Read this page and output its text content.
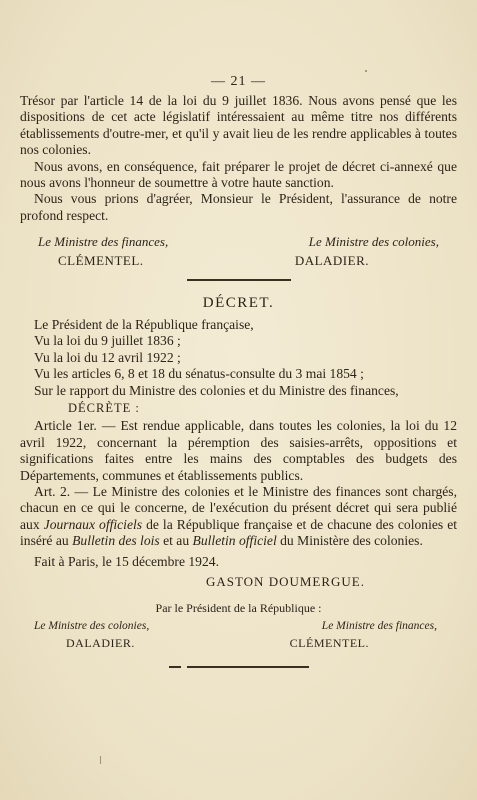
— 21 —

Trésor par l'article 14 de la loi du 9 juillet 1836. Nous avons pensé que les dispositions de cet acte législatif intéressaient au même titre nos différents établissements d'outre-mer, et qu'il y avait lieu de les rendre applicables à toutes nos colonies.

Nous avons, en conséquence, fait préparer le projet de décret ci-annexé que nous avons l'honneur de soumettre à votre haute sanction.

Nous vous prions d'agréer, Monsieur le Président, l'assurance de notre profond respect.

Le Ministre des finances,	Le Ministre des colonies,
CLÉMENTEL.	DALADIER.
DÉCRET.

Le Président de la République française,

Vu la loi du 9 juillet 1836 ;

Vu la loi du 12 avril 1922 ;

Vu les articles 6, 8 et 18 du sénatus-consulte du 3 mai 1854 ;

Sur le rapport du Ministre des colonies et du Ministre des finances,

DÉCRÈTE :

Article 1er. — Est rendue applicable, dans toutes les colonies, la loi du 12 avril 1922, concernant la péremption des saisies-arrêts, oppositions et significations faites entre les mains des comptables des budgets des Départements, communes et établissements publics.

Art. 2. — Le Ministre des colonies et le Ministre des finances sont chargés, chacun en ce qui le concerne, de l'exécution du présent décret qui sera publié aux Journaux officiels de la République française et de chacune des colonies et inséré au Bulletin des lois et au Bulletin officiel du Ministère des colonies.

Fait à Paris, le 15 décembre 1924.

GASTON DOUMERGUE.
Par le Président de la République :
Le Ministre des colonies,	Le Ministre des finances,
DALADIER.	CLÉMENTEL.
